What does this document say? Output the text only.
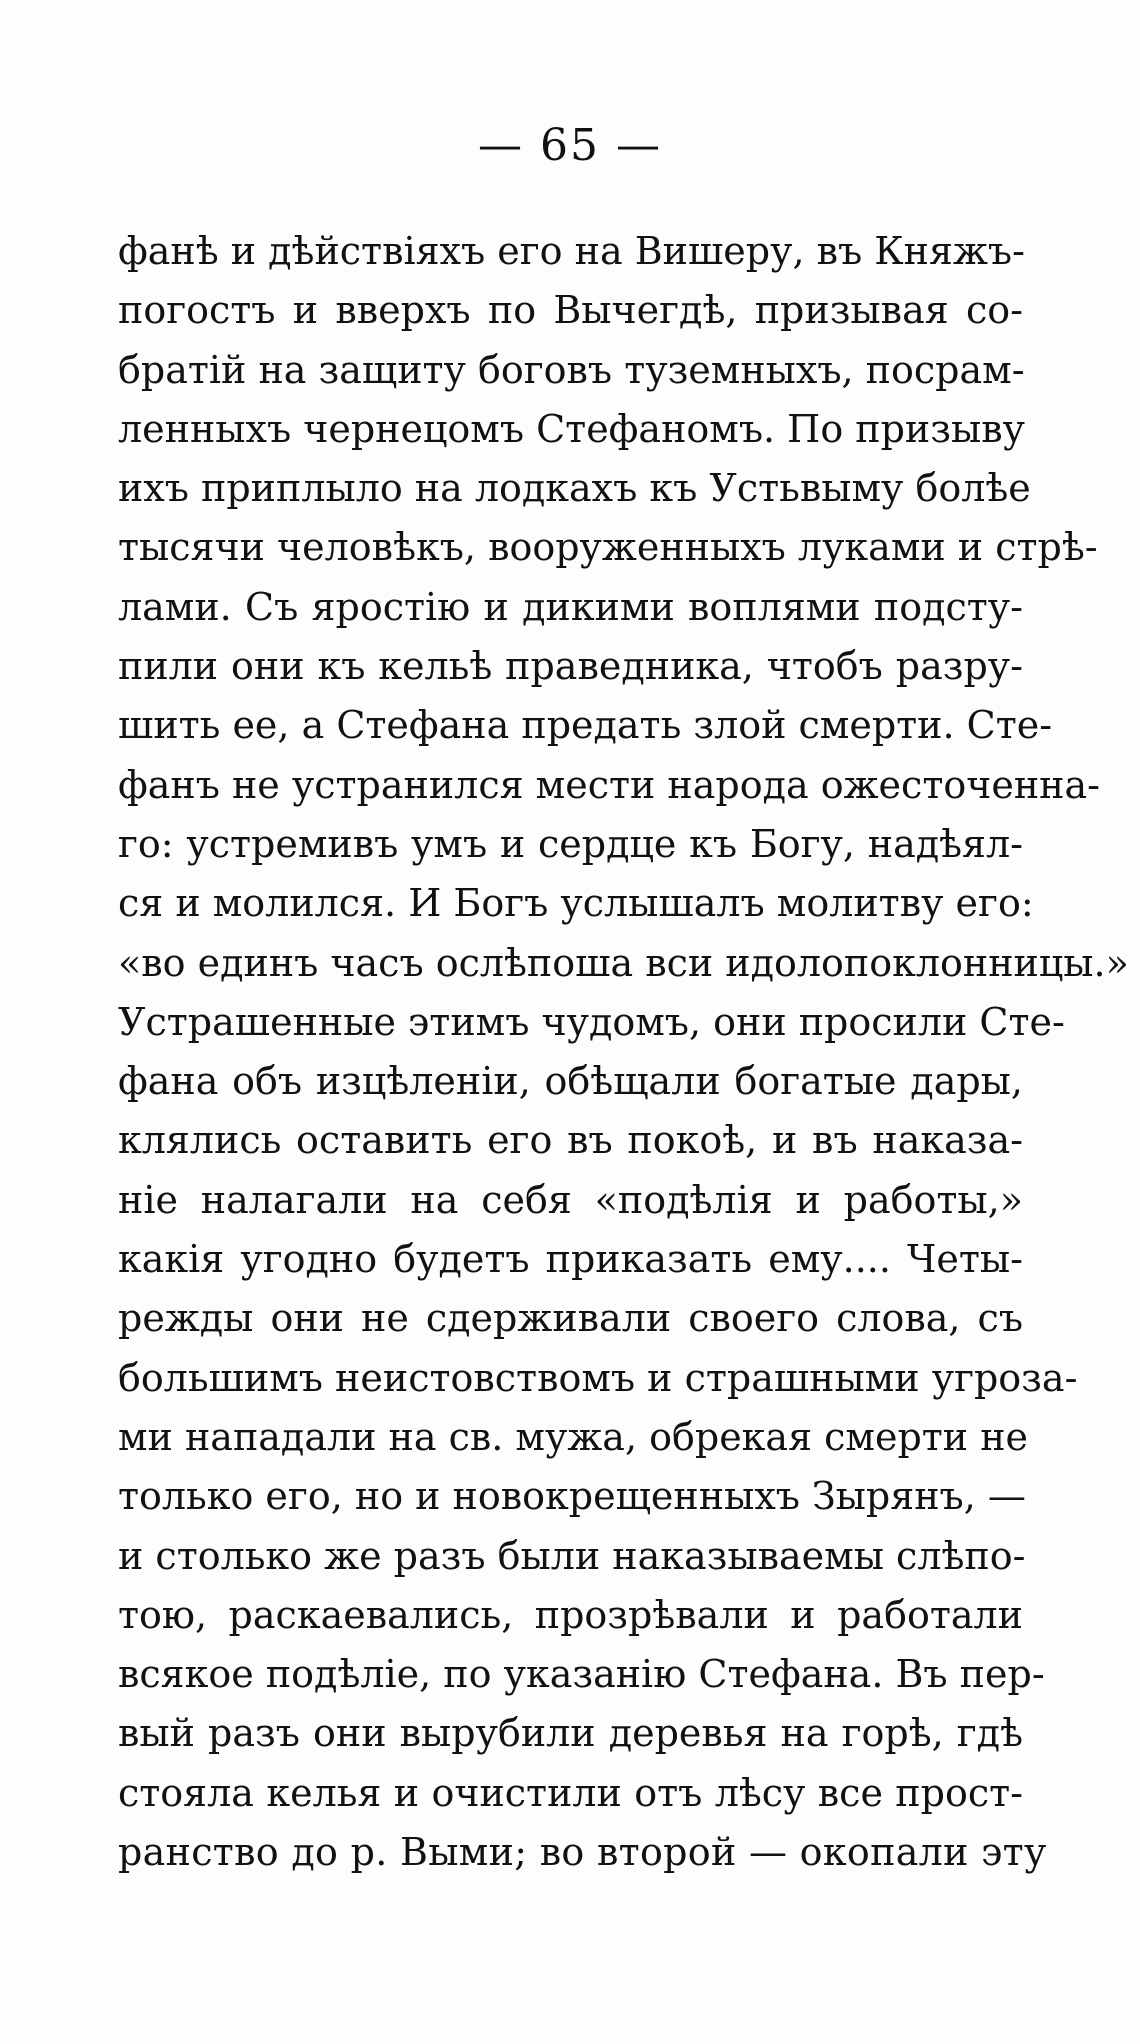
— 65 —
фанѣ и дѣйствіяхъ его на Вишеру, въ Княжъ-
погостъ и вверхъ по Вычегдѣ, призывая со-
братій на защиту боговъ туземныхъ, посрам-
ленныхъ чернецомъ Стефаномъ. По призыву
ихъ приплыло на лодкахъ къ Устьвыму болѣе
тысячи человѣкъ, вооруженныхъ луками и стрѣ-
лами. Съ яростію и дикими воплями подсту-
пили они къ кельѣ праведника, чтобъ разру-
шить ее, а Стефана предать злой смерти. Сте-
фанъ не устранился мести народа ожесточенна-
го: устремивъ умъ и сердце къ Богу, надѣял-
ся и молился. И Богъ услышалъ молитву его:
«во единъ часъ ослѣпоша вси идолопоклонницы.»
Устрашенные этимъ чудомъ, они просили Сте-
фана объ изцѣленіи, обѣщали богатые дары,
клялись оставить его въ покоѣ, и въ наказа-
ніе налагали на себя «подѣлія и работы,»
какія угодно будетъ приказать ему.... Четы-
режды они не сдерживали своего слова, съ
большимъ неистовствомъ и страшными угроза-
ми нападали на св. мужа, обрекая смерти не
только его, но и новокрещенныхъ Зырянъ, —
и столько же разъ были наказываемы слѣпо-
тою, раскаевались, прозрѣвали и работали
всякое подѣліе, по указанію Стефана. Въ пер-
вый разъ они вырубили деревья на горѣ, гдѣ
стояла келья и очистили отъ лѣсу все прост-
ранство до р. Выми; во второй — окопали эту
